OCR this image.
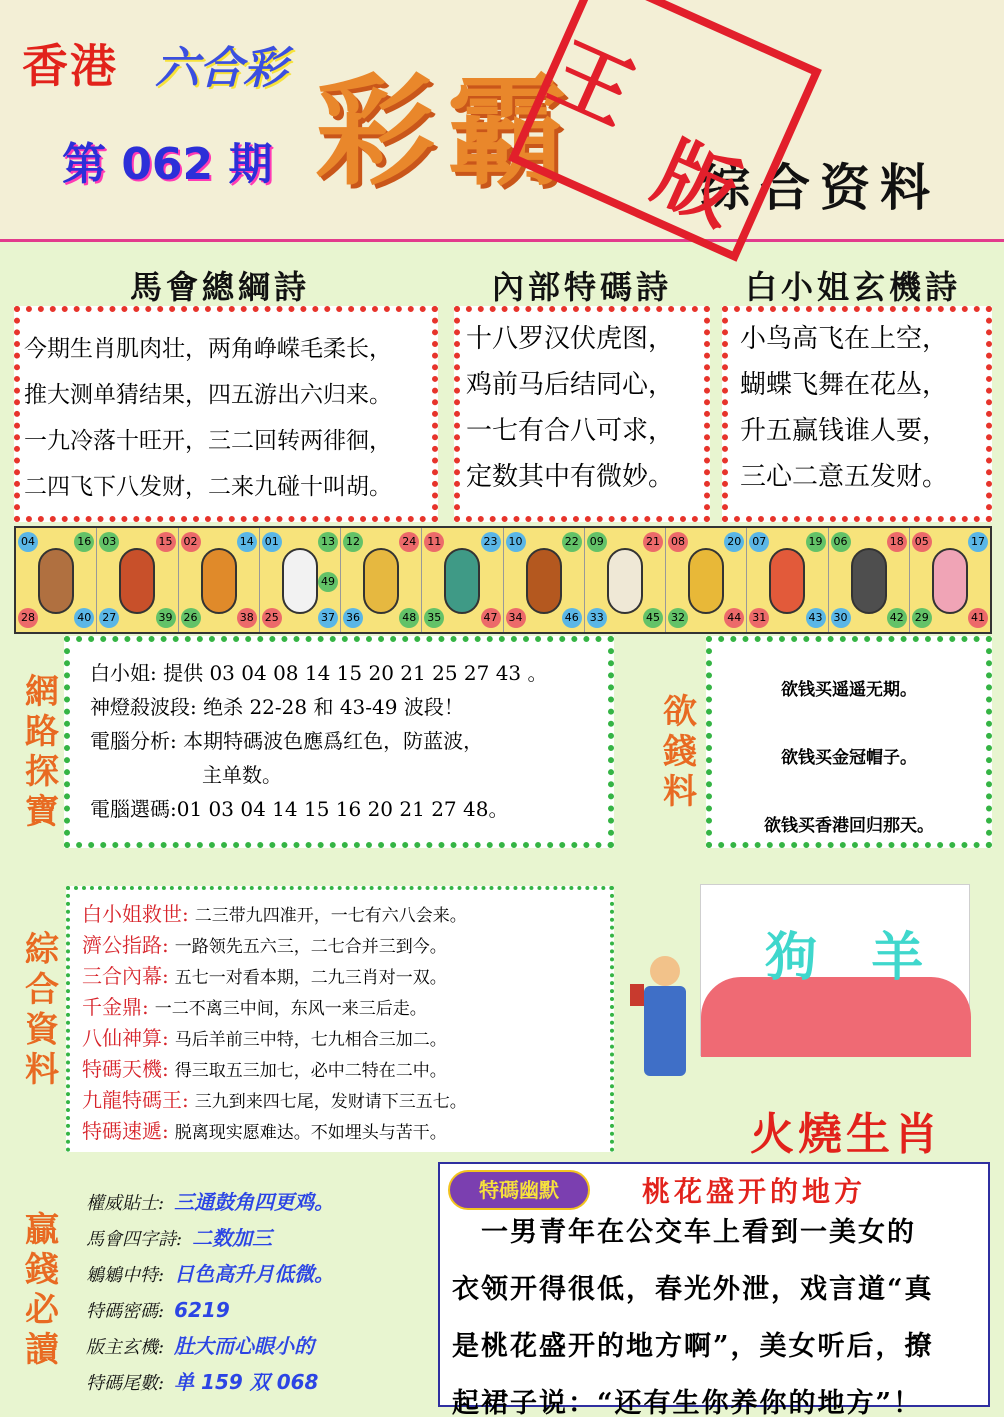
香港 六合彩
第 062 期 彩霸 综合资料
王
版
馬會總綱詩	內部特碼詩 白小姐玄機詩
今期生肖肌肉壮，两角峥嵘毛柔长，
推大测单猜结果，四五游出六归来。
一九冷落十旺开，三二回转两徘徊，
二四飞下八发财，二来九碰十叫胡。
十八罗汉伏虎图，
鸡前马后结同心，
一七有合八可求，
定数其中有微妙。
小鸟高飞在上空，
蝴蝶飞舞在花丛，
升五赢钱谁人要，
三心二意五发财。
04	16
28	40
03	15
27	39
02	14
26	38
01	13
25	37
49
12	24
36	48
11	23
35	47
10	22
34	46
09	21
33	45
08	20
32	44
07	19
31	43
06	18
30	42
05	17
29	41
網路探寶
白小姐: 提供 03 04 08 14 15 20 21 25 27 43 。
神燈殺波段: 绝杀 22-28 和 43-49 波段！
電腦分析: 本期特碼波色應爲红色，防蓝波，
主单数。
電腦選碼:01 03 04 14 15 16 20 21 27 48。
欲錢料
欲钱买遥遥无期。
欲钱买金冠帽子。
欲钱买香港回归那天。
綜合資料
白小姐救世: 二三带九四准开，一七有六八会来。
濟公指路: 一路领先五六三，二七合并三到今。
三合內幕: 五七一对看本期，二九三肖对一双。
千金鼎: 一二不离三中间，东风一来三后走。
八仙神算: 马后羊前三中特，七九相合三加二。
特碼天機: 得三取五三加七，必中二特在二中。
九龍特碼王: 三九到来四七尾，发财请下三五七。
特碼速遞: 脱离现实愿难达。不如埋头与苦干。
狗  羊
火燒生肖
贏錢必讀
權威貼士: 三通鼓角四更鸡。
馬會四字詩: 二数加三
鵴鵴中特: 日色高升月低微。
特碼密碼: 6219
版主玄機: 肚大而心眼小的
特碼尾數: 单 159 双 068
特碼幽默	桃花盛开的地方
　一男青年在公交车上看到一美女的
衣领开得很低，春光外泄，戏言道“真
是桃花盛开的地方啊”，美女听后，撩
起裙子说：“还有生你养你的地方”！
